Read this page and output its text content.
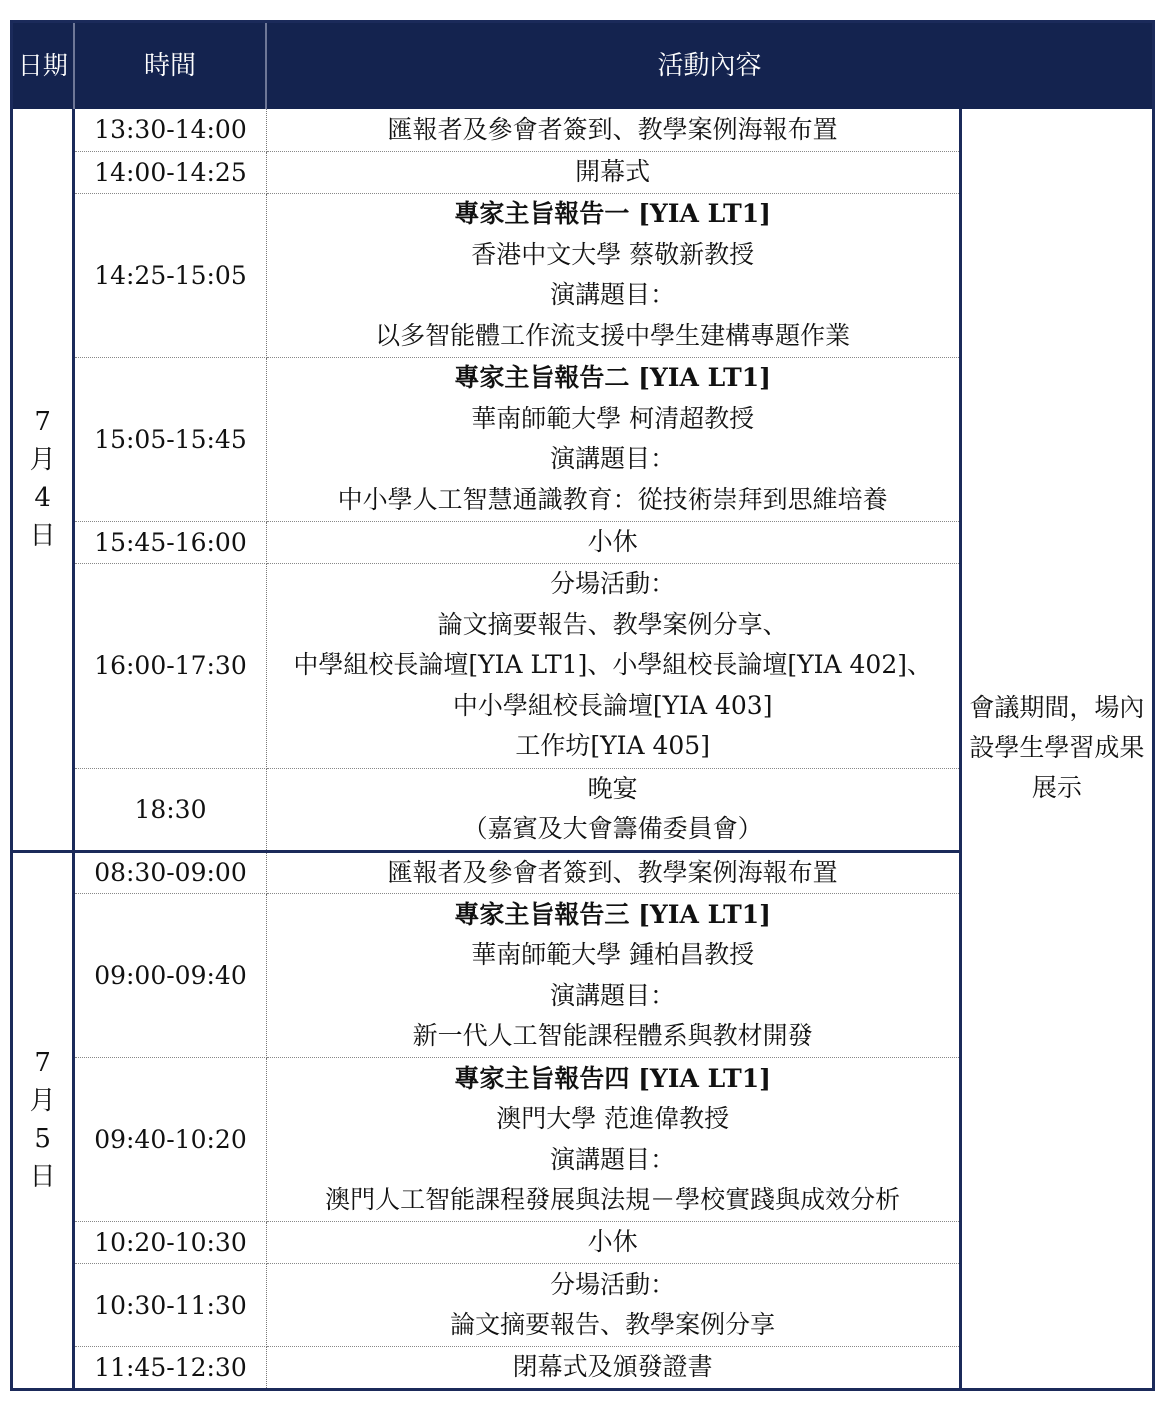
日期	時間	活動內容	

7
月
4
日	13:30-14:00	匯報者及參會者簽到、教學案例海報布置	會議期間，場內設學生學習成果展示
	14:00-14:25	開幕式	

	14:25-15:05	專家主旨報告一 [YIA LT1]
香港中文大學 蔡敬新教授
演講題目：
以多智能體工作流支援中學生建構專題作業	

	15:05-15:45	專家主旨報告二 [YIA LT1]
華南師範大學 柯清超教授
演講題目：
中小學人工智慧通識教育：從技術崇拜到思維培養	

	15:45-16:00	小休	

	16:00-17:30	分場活動：
論文摘要報告、教學案例分享、
中學組校長論壇[YIA LT1]、小學組校長論壇[YIA 402]、
中小學組校長論壇[YIA 403]
工作坊[YIA 405]	

	18:30	晚宴
（嘉賓及大會籌備委員會）	

7
月
5
日	08:30-09:00	匯報者及參會者簽到、教學案例海報布置	

	09:00-09:40	專家主旨報告三 [YIA LT1]
華南師範大學 鍾柏昌教授
演講題目：
新一代人工智能課程體系與教材開發	

	09:40-10:20	專家主旨報告四 [YIA LT1]
澳門大學 范進偉教授
演講題目：
澳門人工智能課程發展與法規－學校實踐與成效分析	

	10:20-10:30	小休	

	10:30-11:30	分場活動：
論文摘要報告、教學案例分享	

	11:45-12:30	閉幕式及頒發證書	
